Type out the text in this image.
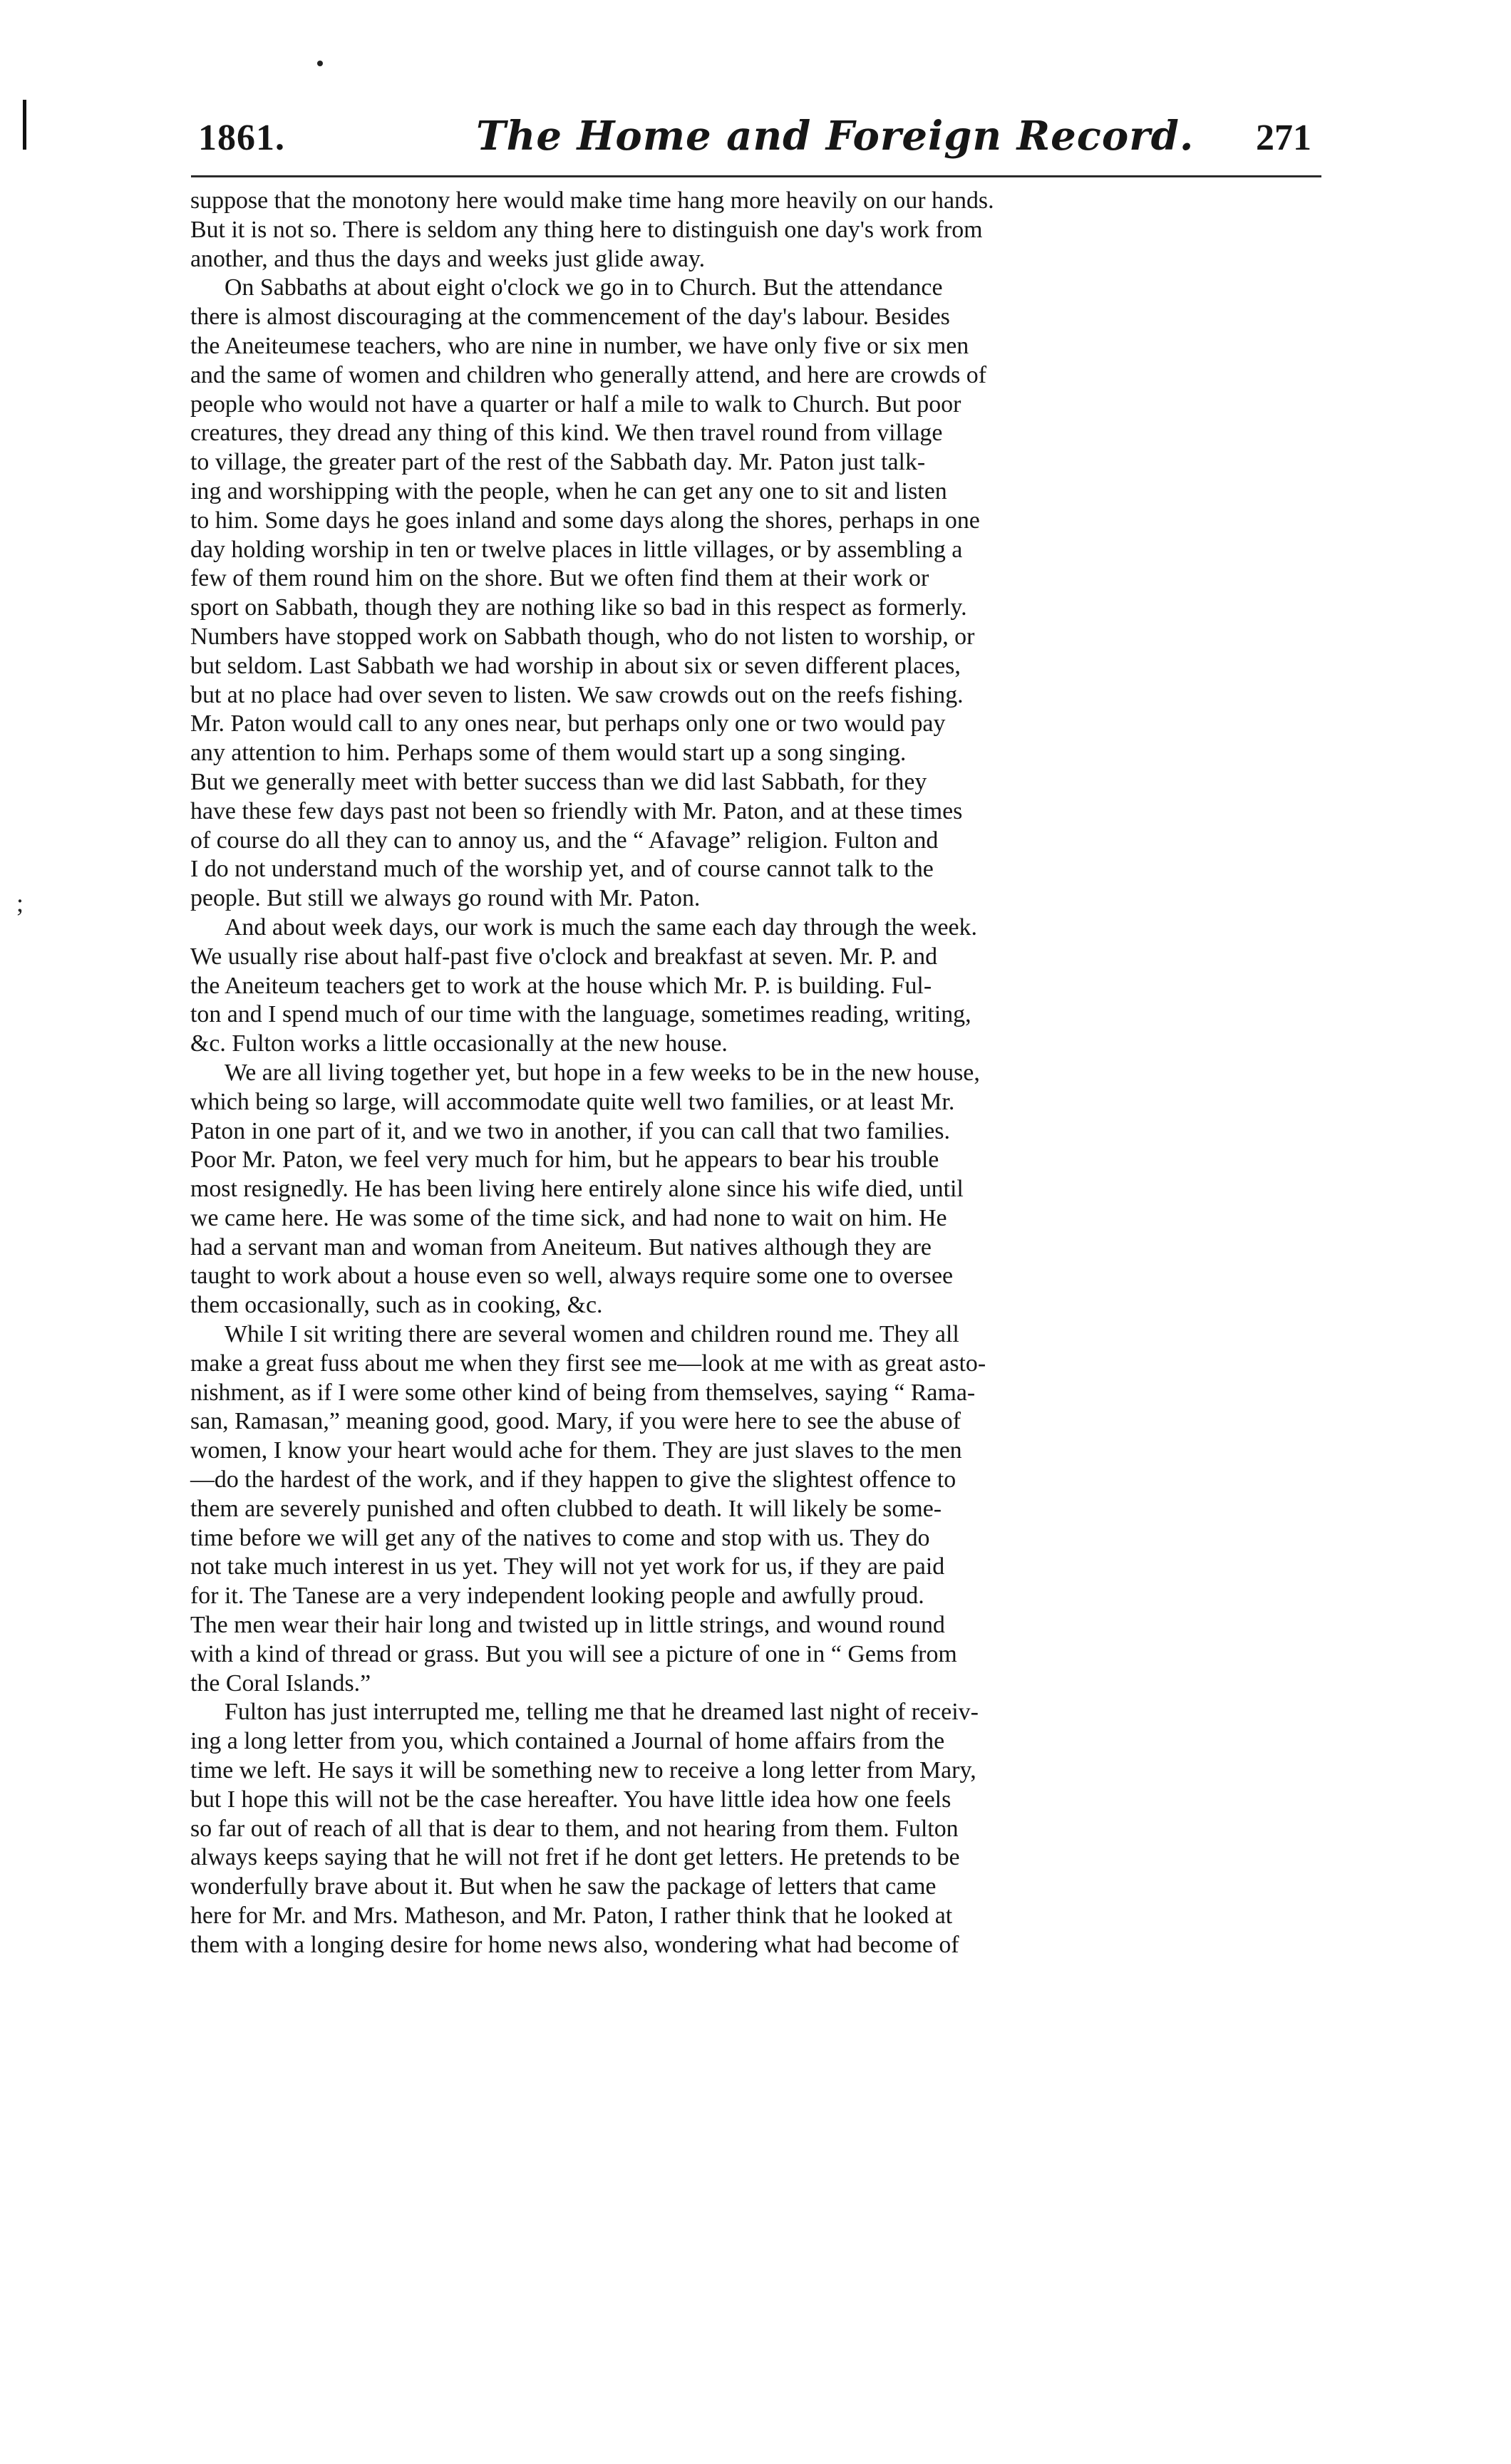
;
1861.	The Home and Foreign Record. 271
suppose that the monotony here would make time hang more heavily on our hands.
But it is not so. There is seldom any thing here to distinguish one day's work from
another, and thus the days and weeks just glide away.
On Sabbaths at about eight o'clock we go in to Church. But the attendance
there is almost discouraging at the commencement of the day's labour. Besides
the Aneiteumese teachers, who are nine in number, we have only five or six men
and the same of women and children who generally attend, and here are crowds of
people who would not have a quarter or half a mile to walk to Church. But poor
creatures, they dread any thing of this kind. We then travel round from village
to village, the greater part of the rest of the Sabbath day. Mr. Paton just talk-
ing and worshipping with the people, when he can get any one to sit and listen
to him. Some days he goes inland and some days along the shores, perhaps in one
day holding worship in ten or twelve places in little villages, or by assembling a
few of them round him on the shore. But we often find them at their work or
sport on Sabbath, though they are nothing like so bad in this respect as formerly.
Numbers have stopped work on Sabbath though, who do not listen to worship, or
but seldom. Last Sabbath we had worship in about six or seven different places,
but at no place had over seven to listen. We saw crowds out on the reefs fishing.
Mr. Paton would call to any ones near, but perhaps only one or two would pay
any attention to him. Perhaps some of them would start up a song singing.
But we generally meet with better success than we did last Sabbath, for they
have these few days past not been so friendly with Mr. Paton, and at these times
of course do all they can to annoy us, and the “ Afavage” religion. Fulton and
I do not understand much of the worship yet, and of course cannot talk to the
people. But still we always go round with Mr. Paton.
And about week days, our work is much the same each day through the week.
We usually rise about half-past five o'clock and breakfast at seven. Mr. P. and
the Aneiteum teachers get to work at the house which Mr. P. is building. Ful-
ton and I spend much of our time with the language, sometimes reading, writing,
&c. Fulton works a little occasionally at the new house.
We are all living together yet, but hope in a few weeks to be in the new house,
which being so large, will accommodate quite well two families, or at least Mr.
Paton in one part of it, and we two in another, if you can call that two families.
Poor Mr. Paton, we feel very much for him, but he appears to bear his trouble
most resignedly. He has been living here entirely alone since his wife died, until
we came here. He was some of the time sick, and had none to wait on him. He
had a servant man and woman from Aneiteum. But natives although they are
taught to work about a house even so well, always require some one to oversee
them occasionally, such as in cooking, &c.
While I sit writing there are several women and children round me. They all
make a great fuss about me when they first see me—look at me with as great asto-
nishment, as if I were some other kind of being from themselves, saying “ Rama-
san, Ramasan,” meaning good, good. Mary, if you were here to see the abuse of
women, I know your heart would ache for them. They are just slaves to the men
—do the hardest of the work, and if they happen to give the slightest offence to
them are severely punished and often clubbed to death. It will likely be some-
time before we will get any of the natives to come and stop with us. They do
not take much interest in us yet. They will not yet work for us, if they are paid
for it. The Tanese are a very independent looking people and awfully proud.
The men wear their hair long and twisted up in little strings, and wound round
with a kind of thread or grass. But you will see a picture of one in “ Gems from
the Coral Islands.”
Fulton has just interrupted me, telling me that he dreamed last night of receiv-
ing a long letter from you, which contained a Journal of home affairs from the
time we left. He says it will be something new to receive a long letter from Mary,
but I hope this will not be the case hereafter. You have little idea how one feels
so far out of reach of all that is dear to them, and not hearing from them. Fulton
always keeps saying that he will not fret if he dont get letters. He pretends to be
wonderfully brave about it. But when he saw the package of letters that came
here for Mr. and Mrs. Matheson, and Mr. Paton, I rather think that he looked at
them with a longing desire for home news also, wondering what had become of
